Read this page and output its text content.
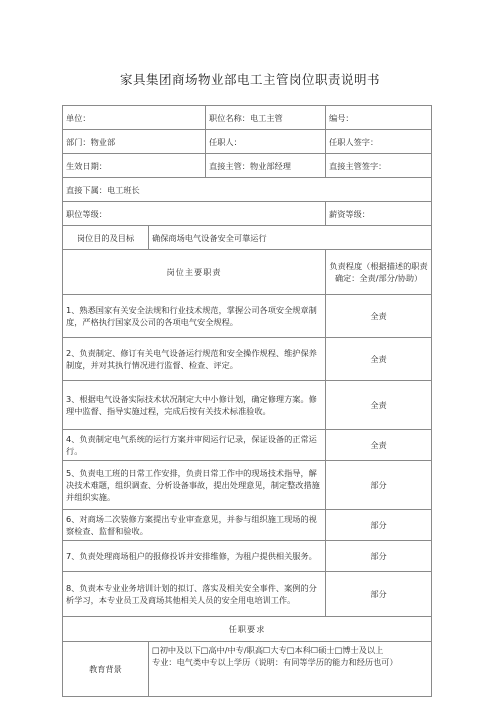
家具集团商场物业部电工主管岗位职责说明书
单位：		职位名称：电工主管	编号：
部门：物业部		任职人：	任职人签字：
生效日期：		直接主管：物业部经理	直接主管签字：
直接下属：电工班长			
职位等级：			薪资等级：
岗位目的及目标	确保商场电气设备安全可靠运行		
岗位主要职责			负责程度（根据描述的职责确定：全责/部分/协助）
1、熟悉国家有关安全法规和行业技术规范，掌握公司各项安全规章制度，严格执行国家及公司的各项电气安全规程。			全责
2、负责制定、修订有关电气设备运行规范和安全操作规程、维护保养制度，并对其执行情况进行监督、检查、评定。			全责
3、根据电气设备实际技术状况制定大中小修计划，确定修理方案。修理中监督、指导实施过程，完成后按有关技术标准验收。			全责
4、负责制定电气系统的运行方案并审阅运行记录，保证设备的正常运行。			全责
5、负责电工班的日常工作安排，负责日常工作中的现场技术指导，解决技术难题，组织调查、分析设备事故，提出处理意见，制定整改措施并组织实施。			部分
6、对商场二次装修方案提出专业审查意见，并参与组织施工现场的视察检查、监督和验收。			部分
7、负责处理商场租户的报修投诉并安排维修，为租户提供相关服务。			部分
8、负责本专业业务培训计划的拟订、落实及相关安全事件、案例的分析学习，本专业员工及商场其他相关人员的安全用电培训工作。			部分
任职要求			
教育背景	□初中及以下□高中/中专/职高☐大专□本科☐硕士□博士及以上
专业：电气类中专以上学历（说明：有同等学历的能力和经历也可）		
